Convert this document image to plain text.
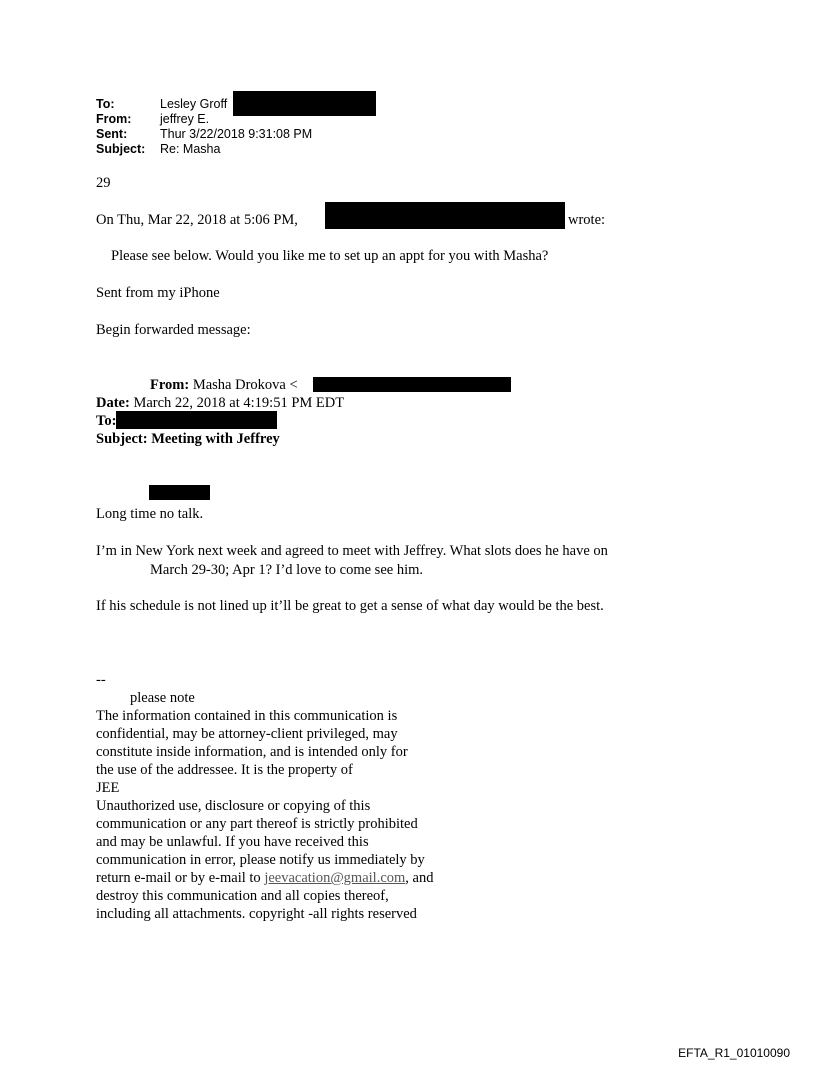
To:	Lesley Groff
From: jeffrey E.
Sent:	Thur 3/22/2018 9:31:08 PM
Subject: Re: Masha
29
On Thu, Mar 22, 2018 at 5:06 PM,	wrote:
Please see below. Would you like me to set up an appt for you with Masha?
Sent from my iPhone
Begin forwarded message:
From: Masha Drokova <
Date: March 22, 2018 at 4:19:51 PM EDT
To:
Subject: Meeting with Jeffrey
Long time no talk.
I’m in New York next week and agreed to meet with Jeffrey. What slots does he have on
March 29-30; Apr 1? I’d love to come see him.
If his schedule is not lined up it’ll be great to get a sense of what day would be the best.
--
please note
The information contained in this communication is
confidential, may be attorney-client privileged, may
constitute inside information, and is intended only for
the use of the addressee. It is the property of
JEE
Unauthorized use, disclosure or copying of this
communication or any part thereof is strictly prohibited
and may be unlawful. If you have received this
communication in error, please notify us immediately by
return e-mail or by e-mail to jeevacation@gmail.com, and
destroy this communication and all copies thereof,
including all attachments. copyright -all rights reserved
EFTA_R1_01010090
